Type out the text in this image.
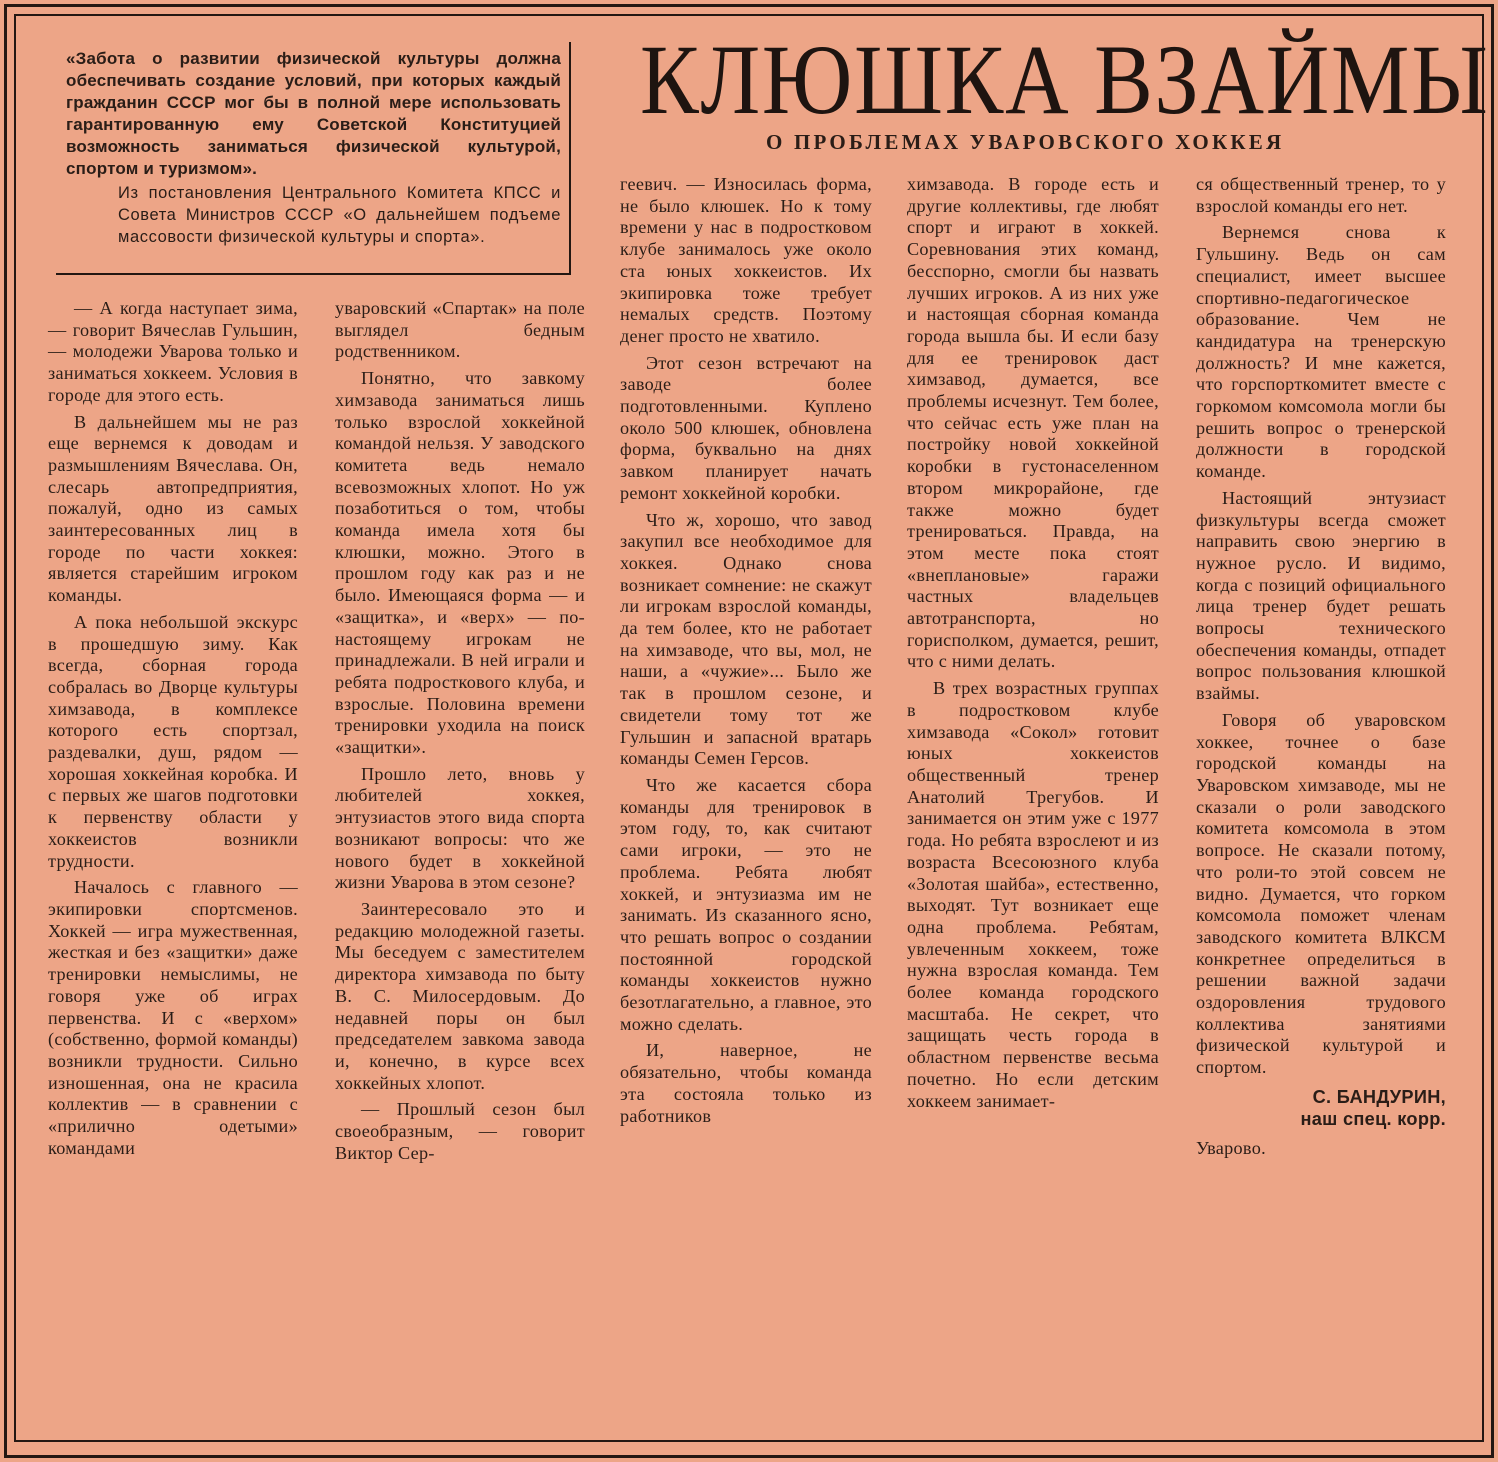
«Забота о развитии физической культуры должна обеспечивать создание условий, при которых каждый гражданин СССР мог бы в полной мере использовать гарантированную ему Советской Конституцией возможность заниматься физической культурой, спортом и туризмом».

Из постановления Центрального Комитета КПСС и Совета Министров СССР «О дальнейшем подъеме массовости физической культуры и спорта».

КЛЮШКА ВЗАЙМЫ
О ПРОБЛЕМАХ УВАРОВСКОГО ХОККЕЯ

— А когда наступает зима, — говорит Вячеслав Гульшин, — молодежи Уварова только и заниматься хоккеем. Условия в городе для этого есть.

В дальнейшем мы не раз еще вернемся к доводам и размышлениям Вячеслава. Он, слесарь автопредприятия, пожалуй, одно из самых заинтересованных лиц в городе по части хоккея: является старейшим игроком команды.

А пока небольшой экскурс в прошедшую зиму. Как всегда, сборная города собралась во Дворце культуры химзавода, в комплексе которого есть спортзал, раздевалки, душ, рядом — хорошая хоккейная коробка. И с первых же шагов подготовки к первенству области у хоккеистов возникли трудности.

Началось с главного — экипировки спортсменов. Хоккей — игра мужественная, жесткая и без «защитки» даже тренировки немыслимы, не говоря уже об играх первенства. И с «верхом» (собственно, формой команды) возникли трудности. Сильно изношенная, она не красила коллектив — в сравнении с «прилично одетыми» командами

уваровский «Спартак» на поле выглядел бедным родственником.

Понятно, что завкому химзавода заниматься лишь только взрослой хоккейной командой нельзя. У заводского комитета ведь немало всевозможных хлопот. Но уж позаботиться о том, чтобы команда имела хотя бы клюшки, можно. Этого в прошлом году как раз и не было. Имеющаяся форма — и «защитка», и «верх» — по-настоящему игрокам не принадлежали. В ней играли и ребята подросткового клуба, и взрослые. Половина времени тренировки уходила на поиск «защитки».

Прошло лето, вновь у любителей хоккея, энтузиастов этого вида спорта возникают вопросы: что же нового будет в хоккейной жизни Уварова в этом сезоне?

Заинтересовало это и редакцию молодежной газеты. Мы беседуем с заместителем директора химзавода по быту В. С. Милосердовым. До недавней поры он был председателем завкома завода и, конечно, в курсе всех хоккейных хлопот.

— Прошлый сезон был своеобразным, — говорит Виктор Сер-

геевич. — Износилась форма, не было клюшек. Но к тому времени у нас в подростковом клубе занималось уже около ста юных хоккеистов. Их экипировка тоже требует немалых средств. Поэтому денег просто не хватило.

Этот сезон встречают на заводе более подготовленными. Куплено около 500 клюшек, обновлена форма, буквально на днях завком планирует начать ремонт хоккейной коробки.

Что ж, хорошо, что завод закупил все необходимое для хоккея. Однако снова возникает сомнение: не скажут ли игрокам взрослой команды, да тем более, кто не работает на химзаводе, что вы, мол, не наши, а «чужие»... Было же так в прошлом сезоне, и свидетели тому тот же Гульшин и запасной вратарь команды Семен Герсов.

Что же касается сбора команды для тренировок в этом году, то, как считают сами игроки, — это не проблема. Ребята любят хоккей, и энтузиазма им не занимать. Из сказанного ясно, что решать вопрос о создании постоянной городской команды хоккеистов нужно безотлагательно, а главное, это можно сделать.

И, наверное, не обязательно, чтобы команда эта состояла только из работников

химзавода. В городе есть и другие коллективы, где любят спорт и играют в хоккей. Соревнования этих команд, бесспорно, смогли бы назвать лучших игроков. А из них уже и настоящая сборная команда города вышла бы. И если базу для ее тренировок даст химзавод, думается, все проблемы исчезнут. Тем более, что сейчас есть уже план на постройку новой хоккейной коробки в густонаселенном втором микрорайоне, где также можно будет тренироваться. Правда, на этом месте пока стоят «внеплановые» гаражи частных владельцев автотранспорта, но горисполком, думается, решит, что с ними делать.

В трех возрастных группах в подростковом клубе химзавода «Сокол» готовит юных хоккеистов общественный тренер Анатолий Трегубов. И занимается он этим уже с 1977 года. Но ребята взрослеют и из возраста Всесоюзного клуба «Золотая шайба», естественно, выходят. Тут возникает еще одна проблема. Ребятам, увлеченным хоккеем, тоже нужна взрослая команда. Тем более команда городского масштаба. Не секрет, что защищать честь города в областном первенстве весьма почетно. Но если детским хоккеем занимает-

ся общественный тренер, то у взрослой команды его нет.

Вернемся снова к Гульшину. Ведь он сам специалист, имеет высшее спортивно-педагогическое образование. Чем не кандидатура на тренерскую должность? И мне кажется, что горспорткомитет вместе с горкомом комсомола могли бы решить вопрос о тренерской должности в городской команде.

Настоящий энтузиаст физкультуры всегда сможет направить свою энергию в нужное русло. И видимо, когда с позиций официального лица тренер будет решать вопросы технического обеспечения команды, отпадет вопрос пользования клюшкой взаймы.

Говоря об уваровском хоккее, точнее о базе городской команды на Уваровском химзаводе, мы не сказали о роли заводского комитета комсомола в этом вопросе. Не сказали потому, что роли-то этой совсем не видно. Думается, что горком комсомола поможет членам заводского комитета ВЛКСМ конкретнее определиться в решении важной задачи оздоровления трудового коллектива занятиями физической культурой и спортом.

С. БАНДУРИН,

наш спец. корр.

Уварово.
